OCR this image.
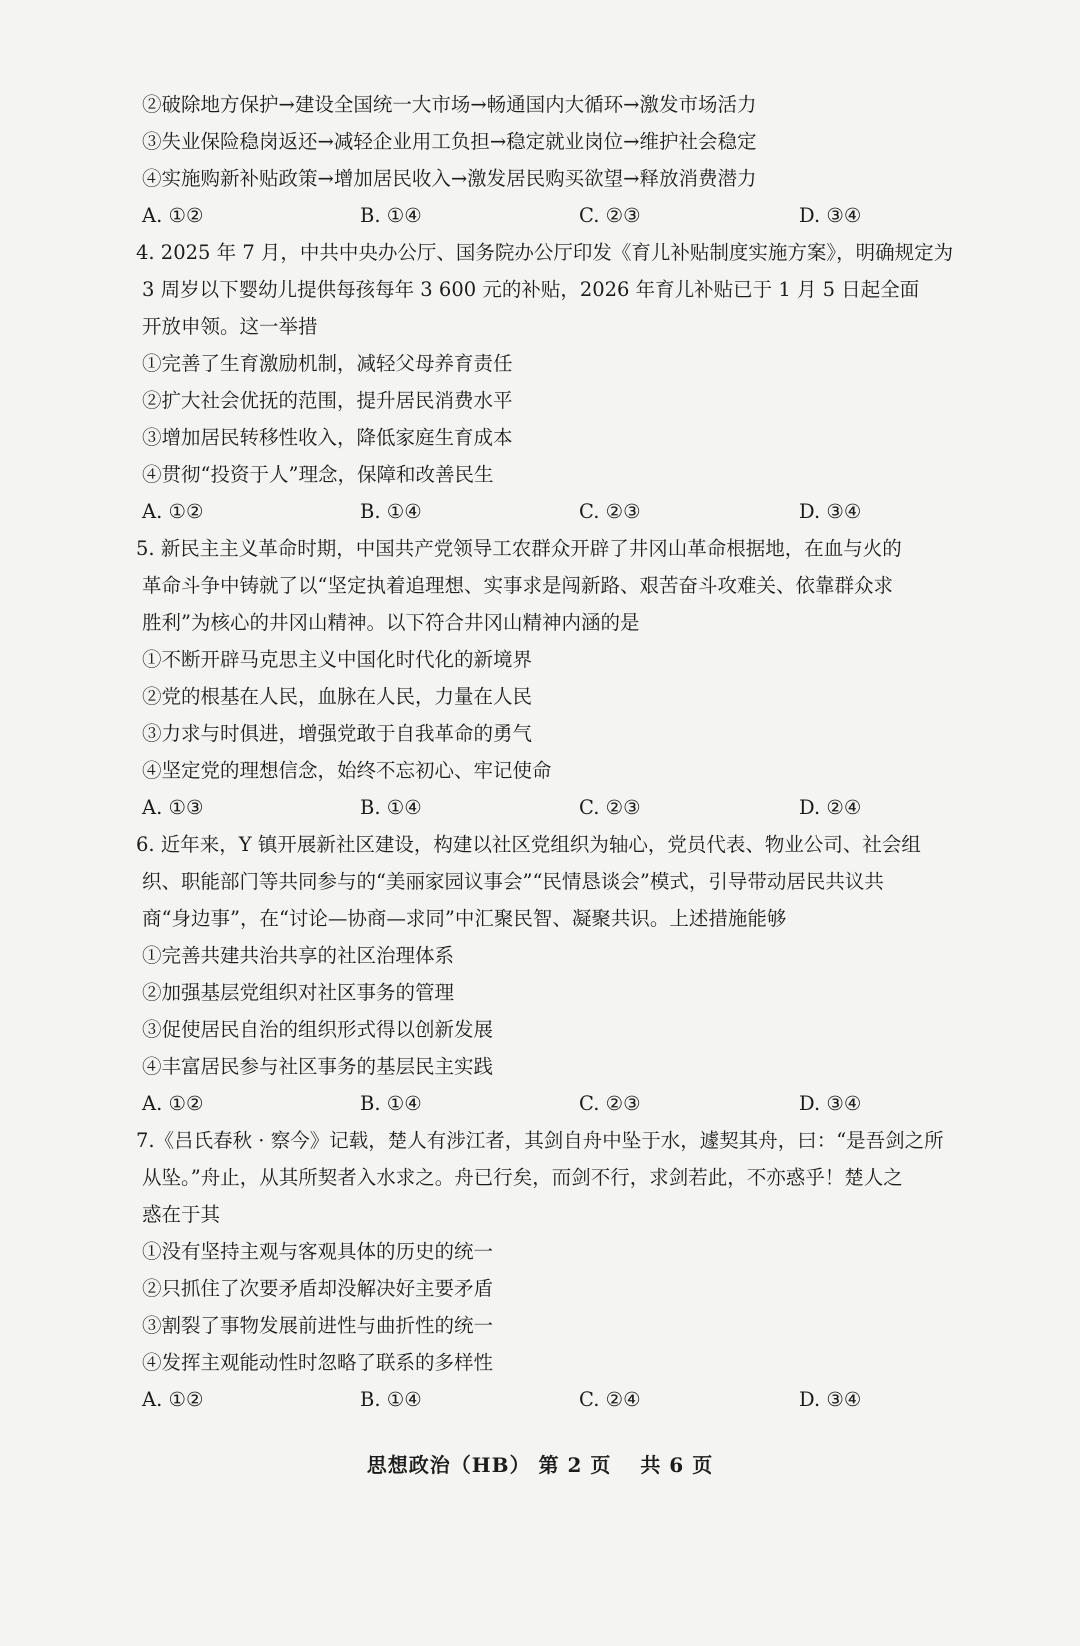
②破除地方保护→建设全国统一大市场→畅通国内大循环→激发市场活力
③失业保险稳岗返还→减轻企业用工负担→稳定就业岗位→维护社会稳定
④实施购新补贴政策→增加居民收入→激发居民购买欲望→释放消费潜力
A. ①②	B. ①④	C. ②③	D. ③④
4. 2025 年 7 月，中共中央办公厅、国务院办公厅印发《育儿补贴制度实施方案》，明确规定为
3 周岁以下婴幼儿提供每孩每年 3 600 元的补贴，2026 年育儿补贴已于 1 月 5 日起全面
开放申领。这一举措
①完善了生育激励机制，减轻父母养育责任
②扩大社会优抚的范围，提升居民消费水平
③增加居民转移性收入，降低家庭生育成本
④贯彻“投资于人”理念，保障和改善民生
A. ①②	B. ①④	C. ②③	D. ③④
5. 新民主主义革命时期，中国共产党领导工农群众开辟了井冈山革命根据地，在血与火的
革命斗争中铸就了以“坚定执着追理想、实事求是闯新路、艰苦奋斗攻难关、依靠群众求
胜利”为核心的井冈山精神。以下符合井冈山精神内涵的是
①不断开辟马克思主义中国化时代化的新境界
②党的根基在人民，血脉在人民，力量在人民
③力求与时俱进，增强党敢于自我革命的勇气
④坚定党的理想信念，始终不忘初心、牢记使命
A. ①③	B. ①④	C. ②③	D. ②④
6. 近年来，Y 镇开展新社区建设，构建以社区党组织为轴心，党员代表、物业公司、社会组
织、职能部门等共同参与的“美丽家园议事会”“民情恳谈会”模式，引导带动居民共议共
商“身边事”，在“讨论—协商—求同”中汇聚民智、凝聚共识。上述措施能够
①完善共建共治共享的社区治理体系
②加强基层党组织对社区事务的管理
③促使居民自治的组织形式得以创新发展
④丰富居民参与社区事务的基层民主实践
A. ①②	B. ①④	C. ②③	D. ③④
7.《吕氏春秋 · 察今》记载，楚人有涉江者，其剑自舟中坠于水，遽契其舟，曰：“是吾剑之所
从坠。”舟止，从其所契者入水求之。舟已行矣，而剑不行，求剑若此，不亦惑乎！楚人之
惑在于其
①没有坚持主观与客观具体的历史的统一
②只抓住了次要矛盾却没解决好主要矛盾
③割裂了事物发展前进性与曲折性的统一
④发挥主观能动性时忽略了联系的多样性
A. ①②	B. ①④	C. ②④	D. ③④
思想政治（HB） 第 2 页 　共 6 页
